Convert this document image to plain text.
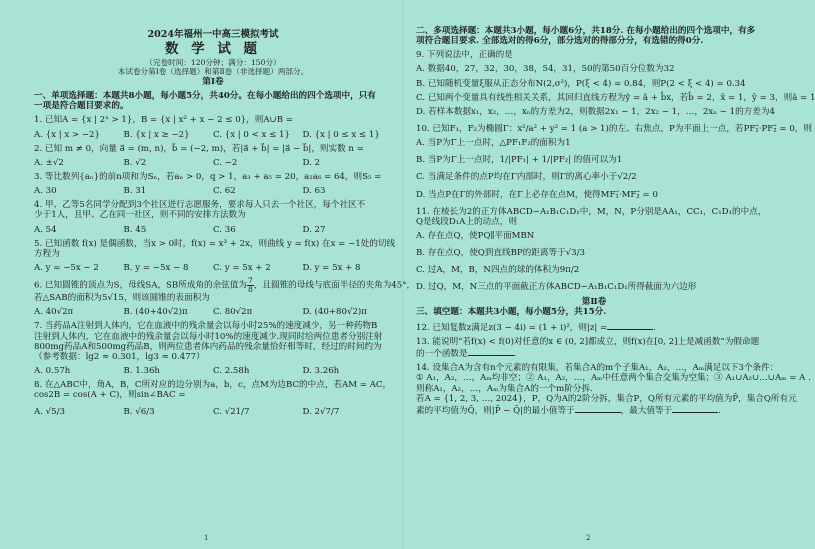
2024年福州一中高三模拟考试

数 学 试 题

（完卷时间：120分钟；满分：150分）

本试卷分第Ⅰ卷（选择题）和第Ⅱ卷（非选择题）两部分。

第Ⅰ卷

一、单项选择题：本题共8小题，每小题5分，共40分。在每小题给出的四个选项中，只有

一项是符合题目要求的。

1. 已知A = {x | 2ˣ > 1}，B = {x | x² + x − 2 ≤ 0}，则A∪B =

A. {x | x > −2}	B. {x | x ≥ −2}	C. {x | 0 < x ≤ 1}	D. {x | 0 ≤ x ≤ 1}

2. 已知 m ≠ 0，向量 a⃗ = (m, n)，b⃗ = (−2, m)，若|a⃗ + b⃗| = |a⃗ − b⃗|，则实数 n =

A. ±√2	B. √2	C. −2	D. 2

3. 等比数列{aₙ}的前n项和为Sₙ，若aₙ > 0，q > 1，a₃ + a₅ = 20，a₂a₆ = 64，则S₅ =

A. 30	B. 31	C. 62	D. 63

4. 甲、乙等5名同学分配到3个社区进行志愿服务，要求每人只去一个社区，每个社区不

少于1人，且甲、乙在同一社区，则不同的安排方法数为

A. 54	B. 45	C. 36	D. 27

5. 已知函数 f(x) 是偶函数，当x > 0时，f(x) = x³ + 2x，则曲线 y = f(x) 在x = −1处的切线

方程为

A. y = −5x − 2	B. y = −5x − 8	C. y = 5x + 2	D. y = 5x + 8

6. 已知圆锥的顶点为S，母线SA，SB所成角的余弦值为 $\frac{7}{8}$ ，且圆锥的母线与底面半径的夹角为45°，

若△SAB的面积为5√15，则该圆锥的表面积为

A. 40√2π	B. (40+40√2)π	C. 80√2π	D. (40+80√2)π

7. 当药品A注射到人体内，它在血液中的残余量会以每小时25%的速度减少，另一种药物B

注射到人体内，它在血液中的残余量会以每小时10%的速度减少.现同时给两位患者分别注射

800mg药品A和500mg药品B，则两位患者体内药品的残余量恰好相等时，经过的时间约为

（参考数据：lg2 ≈ 0.301，lg3 ≈ 0.477）

A. 0.57h	B. 1.36h	C. 2.58h	D. 3.26h

8. 在△ABC中，角A，B，C所对应的边分别为a，b，c，点M为边BC的中点，若AM = AC，

cos2B = cos(A + C)，则sin∠BAC =

A. √5/3	B. √6/3	C. √21/7	D. 2√7/7
1

二、多项选择题：本题共3小题，每小题6分，共18分. 在每小题给出的四个选项中，有多

项符合题目要求. 全部选对的得6分，部分选对的得部分分，有选错的得0分.

9. 下列说法中，正确的是

A. 数据40，27，32，30，38，54，31，50的第50百分位数为32

B. 已知随机变量ξ服从正态分布N(2,σ²)，P(ξ < 4) = 0.84，则P(2 < ξ < 4) = 0.34

C. 已知两个变量具有线性相关关系，其回归直线方程为ŷ = â + b̂x，若b̂ = 2，x̄ = 1，ȳ = 3，则â = 1

D. 若样本数据x₁，x₂，…，xₙ的方差为2，则数据2x₁ − 1，2x₂ − 1，…，2xₙ − 1的方差为4

10. 已知F₁，F₂为椭圆Γ：x²/a² + y² = 1 (a > 1)的左、右焦点，P为平面上一点，若PF₁⃗·PF₂⃗ = 0，则

A. 当P为Γ上一点时，△PF₁F₂的面积为1

B. 当P为Γ上一点时，1/|PF₁| + 1/|PF₂| 的值可以为1

C. 当满足条件的点P均在Γ内部时，则Γ的离心率小于√2/2

D. 当点P在Γ的外部时，在Γ上必存在点M，使得MF₁⃗·MF₂⃗ = 0

11. 在棱长为2的正方体ABCD−A₁B₁C₁D₁中，M，N，P分别是AA₁，CC₁，C₁D₁的中点，

Q是线段D₁A上的动点，则

A. 存在点Q，使PQ∥平面MBN

B. 存在点Q，使Q到直线BP的距离等于√3/3

C. 过A，M，B，N四点的球的体积为9π/2

D. 过Q，M，N三点的平面截正方体ABCD−A₁B₁C₁D₁所得截面为六边形

第Ⅱ卷

三、填空题：本题共3小题，每小题5分，共15分.

12. 已知复数z满足z(3 − 4i) = (1 + i)²，则|z| =	.

13. 能说明“若f(x) < f(0)对任意的x ∈ (0, 2]都成立，则f(x)在[0, 2]上是减函数”为假命题

的一个函数是	.

14. 设集合A为含有n个元素的有限集，若集合A的m个子集A₁，A₂，…，Aₘ满足以下3个条件：

① A₁，A₂，…，Aₘ均非空；② A₁，A₂，…，Aₘ中任意两个集合交集为空集；③ A₁∪A₂∪…∪Aₘ = A .

则称A₁，A₂，…，Aₘ为集合A的一个m阶分拆.

若A = {1, 2, 3, …, 2024}，P，Q为A的2阶分拆，集合P，Q所有元素的平均值为P̄，集合Q所有元

素的平均值为Q̄，则|P̄ − Q̄|的最小值等于	，最大值等于	.

2
